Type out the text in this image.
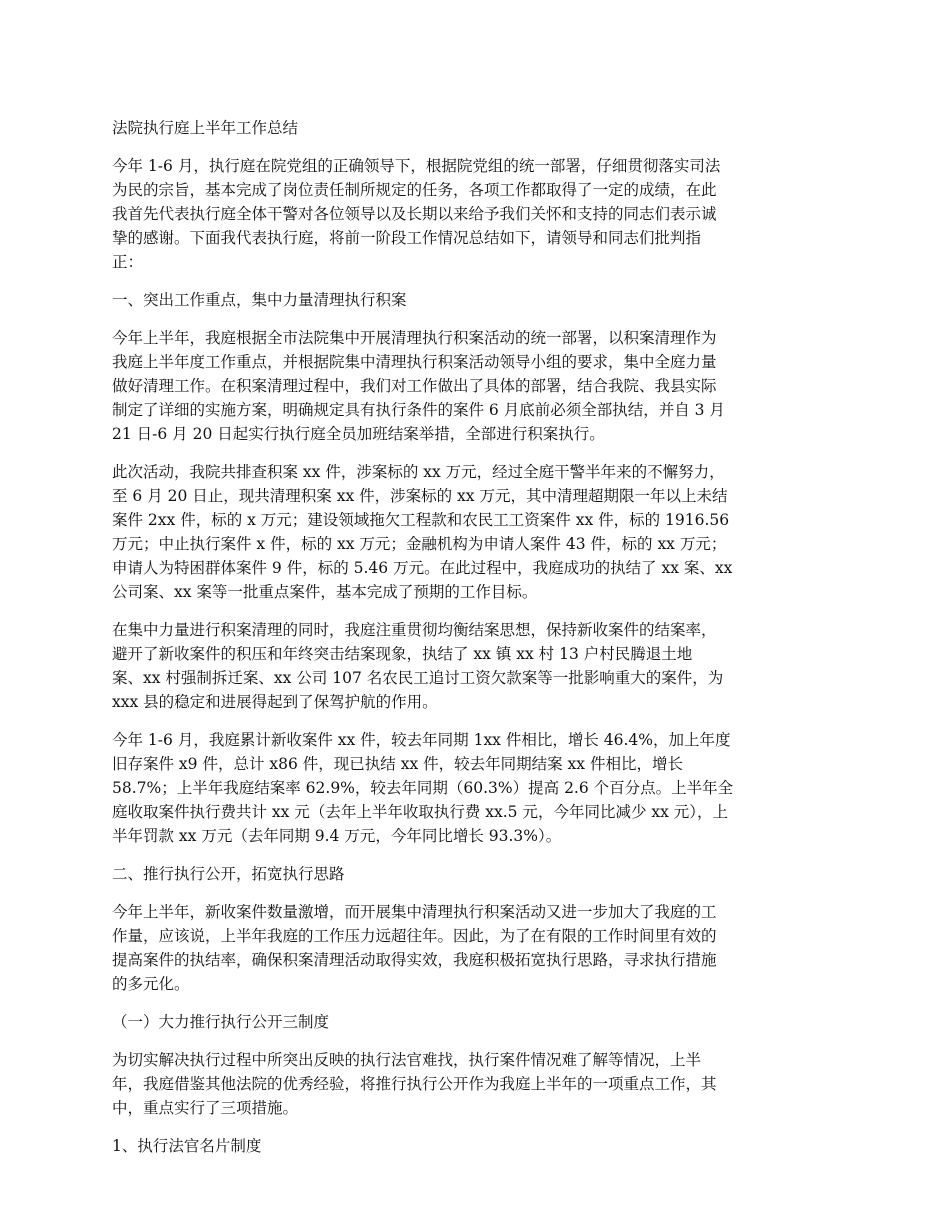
法院执行庭上半年工作总结

今年 1-6 月，执行庭在院党组的正确领导下，根据院党组的统一部署，仔细贯彻落实司法

为民的宗旨，基本完成了岗位责任制所规定的任务，各项工作都取得了一定的成绩，在此

我首先代表执行庭全体干警对各位领导以及长期以来给予我们关怀和支持的同志们表示诚

挚的感谢。下面我代表执行庭，将前一阶段工作情况总结如下，请领导和同志们批判指

正：

一、突出工作重点，集中力量清理执行积案

今年上半年，我庭根据全市法院集中开展清理执行积案活动的统一部署，以积案清理作为

我庭上半年度工作重点，并根据院集中清理执行积案活动领导小组的要求，集中全庭力量

做好清理工作。在积案清理过程中，我们对工作做出了具体的部署，结合我院、我县实际

制定了详细的实施方案，明确规定具有执行条件的案件 6 月底前必须全部执结，并自 3 月

21 日-6 月 20 日起实行执行庭全员加班结案举措，全部进行积案执行。

此次活动，我院共排查积案 xx 件，涉案标的 xx 万元，经过全庭干警半年来的不懈努力，

至 6 月 20 日止，现共清理积案 xx 件，涉案标的 xx 万元，其中清理超期限一年以上未结

案件 2xx 件，标的 x 万元；建设领域拖欠工程款和农民工工资案件 xx 件，标的 1916.56

万元；中止执行案件 x 件，标的 xx 万元；金融机构为申请人案件 43 件，标的 xx 万元；

申请人为特困群体案件 9 件，标的 5.46 万元。在此过程中，我庭成功的执结了 xx 案、xx

公司案、xx 案等一批重点案件，基本完成了预期的工作目标。

在集中力量进行积案清理的同时，我庭注重贯彻均衡结案思想，保持新收案件的结案率，

避开了新收案件的积压和年终突击结案现象，执结了 xx 镇 xx 村 13 户村民腾退土地

案、xx 村强制拆迁案、xx 公司 107 名农民工追讨工资欠款案等一批影响重大的案件，为

xxx 县的稳定和进展得起到了保驾护航的作用。

今年 1-6 月，我庭累计新收案件 xx 件，较去年同期 1xx 件相比，增长 46.4%，加上年度

旧存案件 x9 件，总计 x86 件，现已执结 xx 件，较去年同期结案 xx 件相比，增长

58.7%；上半年我庭结案率 62.9%，较去年同期（60.3%）提高 2.6 个百分点。上半年全

庭收取案件执行费共计 xx 元（去年上半年收取执行费 xx.5 元，今年同比减少 xx 元），上

半年罚款 xx 万元（去年同期 9.4 万元，今年同比增长 93.3%）。

二、推行执行公开，拓宽执行思路

今年上半年，新收案件数量激增，而开展集中清理执行积案活动又进一步加大了我庭的工

作量，应该说，上半年我庭的工作压力远超往年。因此，为了在有限的工作时间里有效的

提高案件的执结率，确保积案清理活动取得实效，我庭积极拓宽执行思路，寻求执行措施

的多元化。

（一）大力推行执行公开三制度

为切实解决执行过程中所突出反映的执行法官难找，执行案件情况难了解等情况，上半

年，我庭借鉴其他法院的优秀经验，将推行执行公开作为我庭上半年的一项重点工作，其

中，重点实行了三项措施。

1、执行法官名片制度
